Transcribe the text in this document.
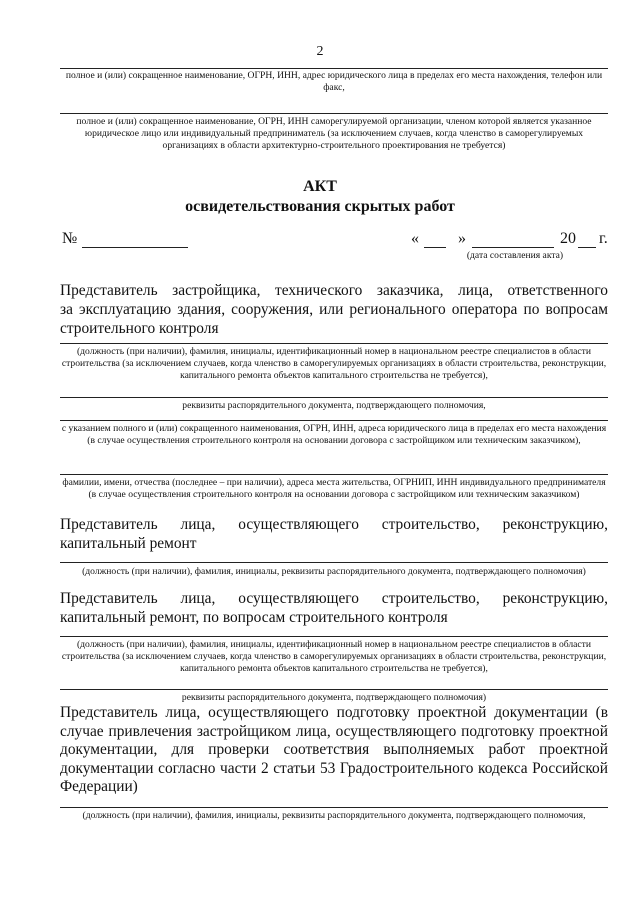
2
полное и (или) сокращенное наименование, ОГРН, ИНН, адрес юридического лица в пределах его места нахождения, телефон или факс,
полное и (или) сокращенное наименование, ОГРН, ИНН саморегулируемой организации, членом которой является указанное юридическое лицо или индивидуальный предприниматель (за исключением случаев, когда членство в саморегулируемых организациях в области архитектурно-строительного проектирования не требуется)
АКТ
освидетельствования скрытых работ
№	« »	20 г.
(дата составления акта)
Представитель застройщика, технического заказчика, лица, ответственного
за эксплуатацию здания, сооружения, или регионального оператора по вопросам строительного контроля
(должность (при наличии), фамилия, инициалы, идентификационный номер в национальном реестре специалистов в области строительства (за исключением случаев, когда членство в саморегулируемых организациях в области строительства, реконструкции, капитального ремонта объектов капитального строительства не требуется),
реквизиты распорядительного документа, подтверждающего полномочия,
с указанием полного и (или) сокращенного наименования, ОГРН, ИНН, адреса юридического лица в пределах его места нахождения (в случае осуществления строительного контроля на основании договора с застройщиком или техническим заказчиком),
фамилии, имени, отчества (последнее – при наличии), адреса места жительства, ОГРНИП, ИНН индивидуального предпринимателя (в случае осуществления строительного контроля на основании договора с застройщиком или техническим заказчиком)
Представитель лица, осуществляющего строительство, реконструкцию, капитальный ремонт
(должность (при наличии), фамилия, инициалы, реквизиты распорядительного документа, подтверждающего полномочия)
Представитель лица, осуществляющего строительство, реконструкцию, капитальный ремонт, по вопросам строительного контроля
(должность (при наличии), фамилия, инициалы, идентификационный номер в национальном реестре специалистов в области строительства (за исключением случаев, когда членство в саморегулируемых организациях в области строительства, реконструкции, капитального ремонта объектов капитального строительства не требуется),
реквизиты распорядительного документа, подтверждающего полномочия)
Представитель лица, осуществляющего подготовку проектной документации (в случае привлечения застройщиком лица, осуществляющего подготовку проектной документации, для проверки соответствия выполняемых работ проектной документации согласно части 2 статьи 53 Градостроительного кодекса Российской Федерации)
(должность (при наличии), фамилия, инициалы, реквизиты распорядительного документа, подтверждающего полномочия,
